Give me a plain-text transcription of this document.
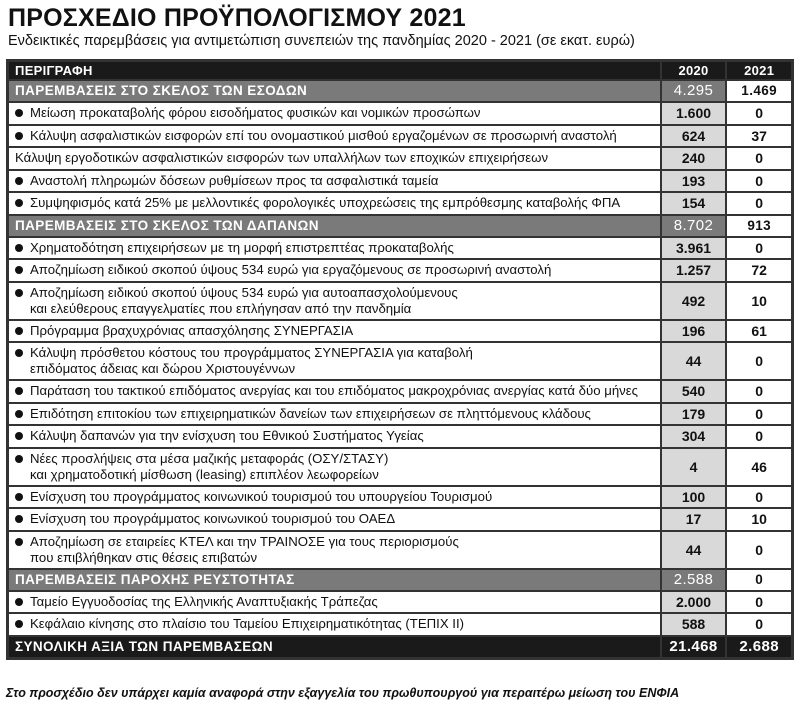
ΠΡΟΣΧΕΔΙΟ ΠΡΟΫΠΟΛΟΓΙΣΜΟΥ 2021
Ενδεικτικές παρεμβάσεις για αντιμετώπιση συνεπειών της πανδημίας 2020 - 2021 (σε εκατ. ευρώ)
ΠΕΡΙΓΡΑΦΗ	2020	2021
ΠΑΡΕΜΒΑΣΕΙΣ ΣΤΟ ΣΚΕΛΟΣ ΤΩΝ ΕΣΟΔΩΝ	4.295	1.469
Μείωση προκαταβολής φόρου εισοδήματος φυσικών και νομικών προσώπων	1.600	0
Κάλυψη ασφαλιστικών εισφορών επί του ονομαστικού μισθού εργαζομένων σε προσωρινή αναστολή	624	37
Κάλυψη εργοδοτικών ασφαλιστικών εισφορών των υπαλλήλων των εποχικών επιχειρήσεων	240	0
Αναστολή πληρωμών δόσεων ρυθμίσεων προς τα ασφαλιστικά ταμεία	193	0
Συμψηφισμός κατά 25% με μελλοντικές φορολογικές υποχρεώσεις της εμπρόθεσμης καταβολής ΦΠΑ	154	0
ΠΑΡΕΜΒΑΣΕΙΣ ΣΤΟ ΣΚΕΛΟΣ ΤΩΝ ΔΑΠΑΝΩΝ	8.702	913
Χρηματοδότηση επιχειρήσεων με τη μορφή επιστρεπτέας προκαταβολής	3.961	0
Αποζημίωση ειδικού σκοπού ύψους 534 ευρώ για εργαζόμενους σε προσωρινή αναστολή	1.257	72
Αποζημίωση ειδικού σκοπού ύψους 534 ευρώ για αυτοαπασχολούμενους
και ελεύθερους επαγγελματίες που επλήγησαν από την πανδημία	492	10
Πρόγραμμα βραχυχρόνιας απασχόλησης ΣΥΝΕΡΓΑΣΙΑ	196	61
Κάλυψη πρόσθετου κόστους του προγράμματος ΣΥΝΕΡΓΑΣΙΑ για καταβολή
επιδόματος άδειας και δώρου Χριστουγέννων	44	0
Παράταση του τακτικού επιδόματος ανεργίας και του επιδόματος μακροχρόνιας ανεργίας κατά δύο μήνες	540	0
Επιδότηση επιτοκίου των επιχειρηματικών δανείων των επιχειρήσεων σε πληττόμενους κλάδους	179	0
Κάλυψη δαπανών για την ενίσχυση του Εθνικού Συστήματος Υγείας	304	0
Νέες προσλήψεις στα μέσα μαζικής μεταφοράς (ΟΣΥ/ΣΤΑΣΥ)
και χρηματοδοτική μίσθωση (leasing) επιπλέον λεωφορείων	4	46
Ενίσχυση του προγράμματος κοινωνικού τουρισμού του υπουργείου Τουρισμού	100	0
Ενίσχυση του προγράμματος κοινωνικού τουρισμού του ΟΑΕΔ	17	10
Αποζημίωση σε εταιρείες ΚΤΕΛ και την ΤΡΑΙΝΟΣΕ για τους περιορισμούς
που επιβλήθηκαν στις θέσεις επιβατών	44	0
ΠΑΡΕΜΒΑΣΕΙΣ ΠΑΡΟΧΗΣ ΡΕΥΣΤΟΤΗΤΑΣ	2.588	0
Ταμείο Εγγυοδοσίας της Ελληνικής Αναπτυξιακής Τράπεζας	2.000	0
Κεφάλαιο κίνησης στο πλαίσιο του Ταμείου Επιχειρηματικότητας (ΤΕΠΙΧ ΙΙ)	588	0
ΣΥΝΟΛΙΚΗ ΑΞΙΑ ΤΩΝ ΠΑΡΕΜΒΑΣΕΩΝ	21.468	2.688
Στο προσχέδιο δεν υπάρχει καμία αναφορά στην εξαγγελία του πρωθυπουργού για περαιτέρω μείωση του ΕΝΦΙΑ
